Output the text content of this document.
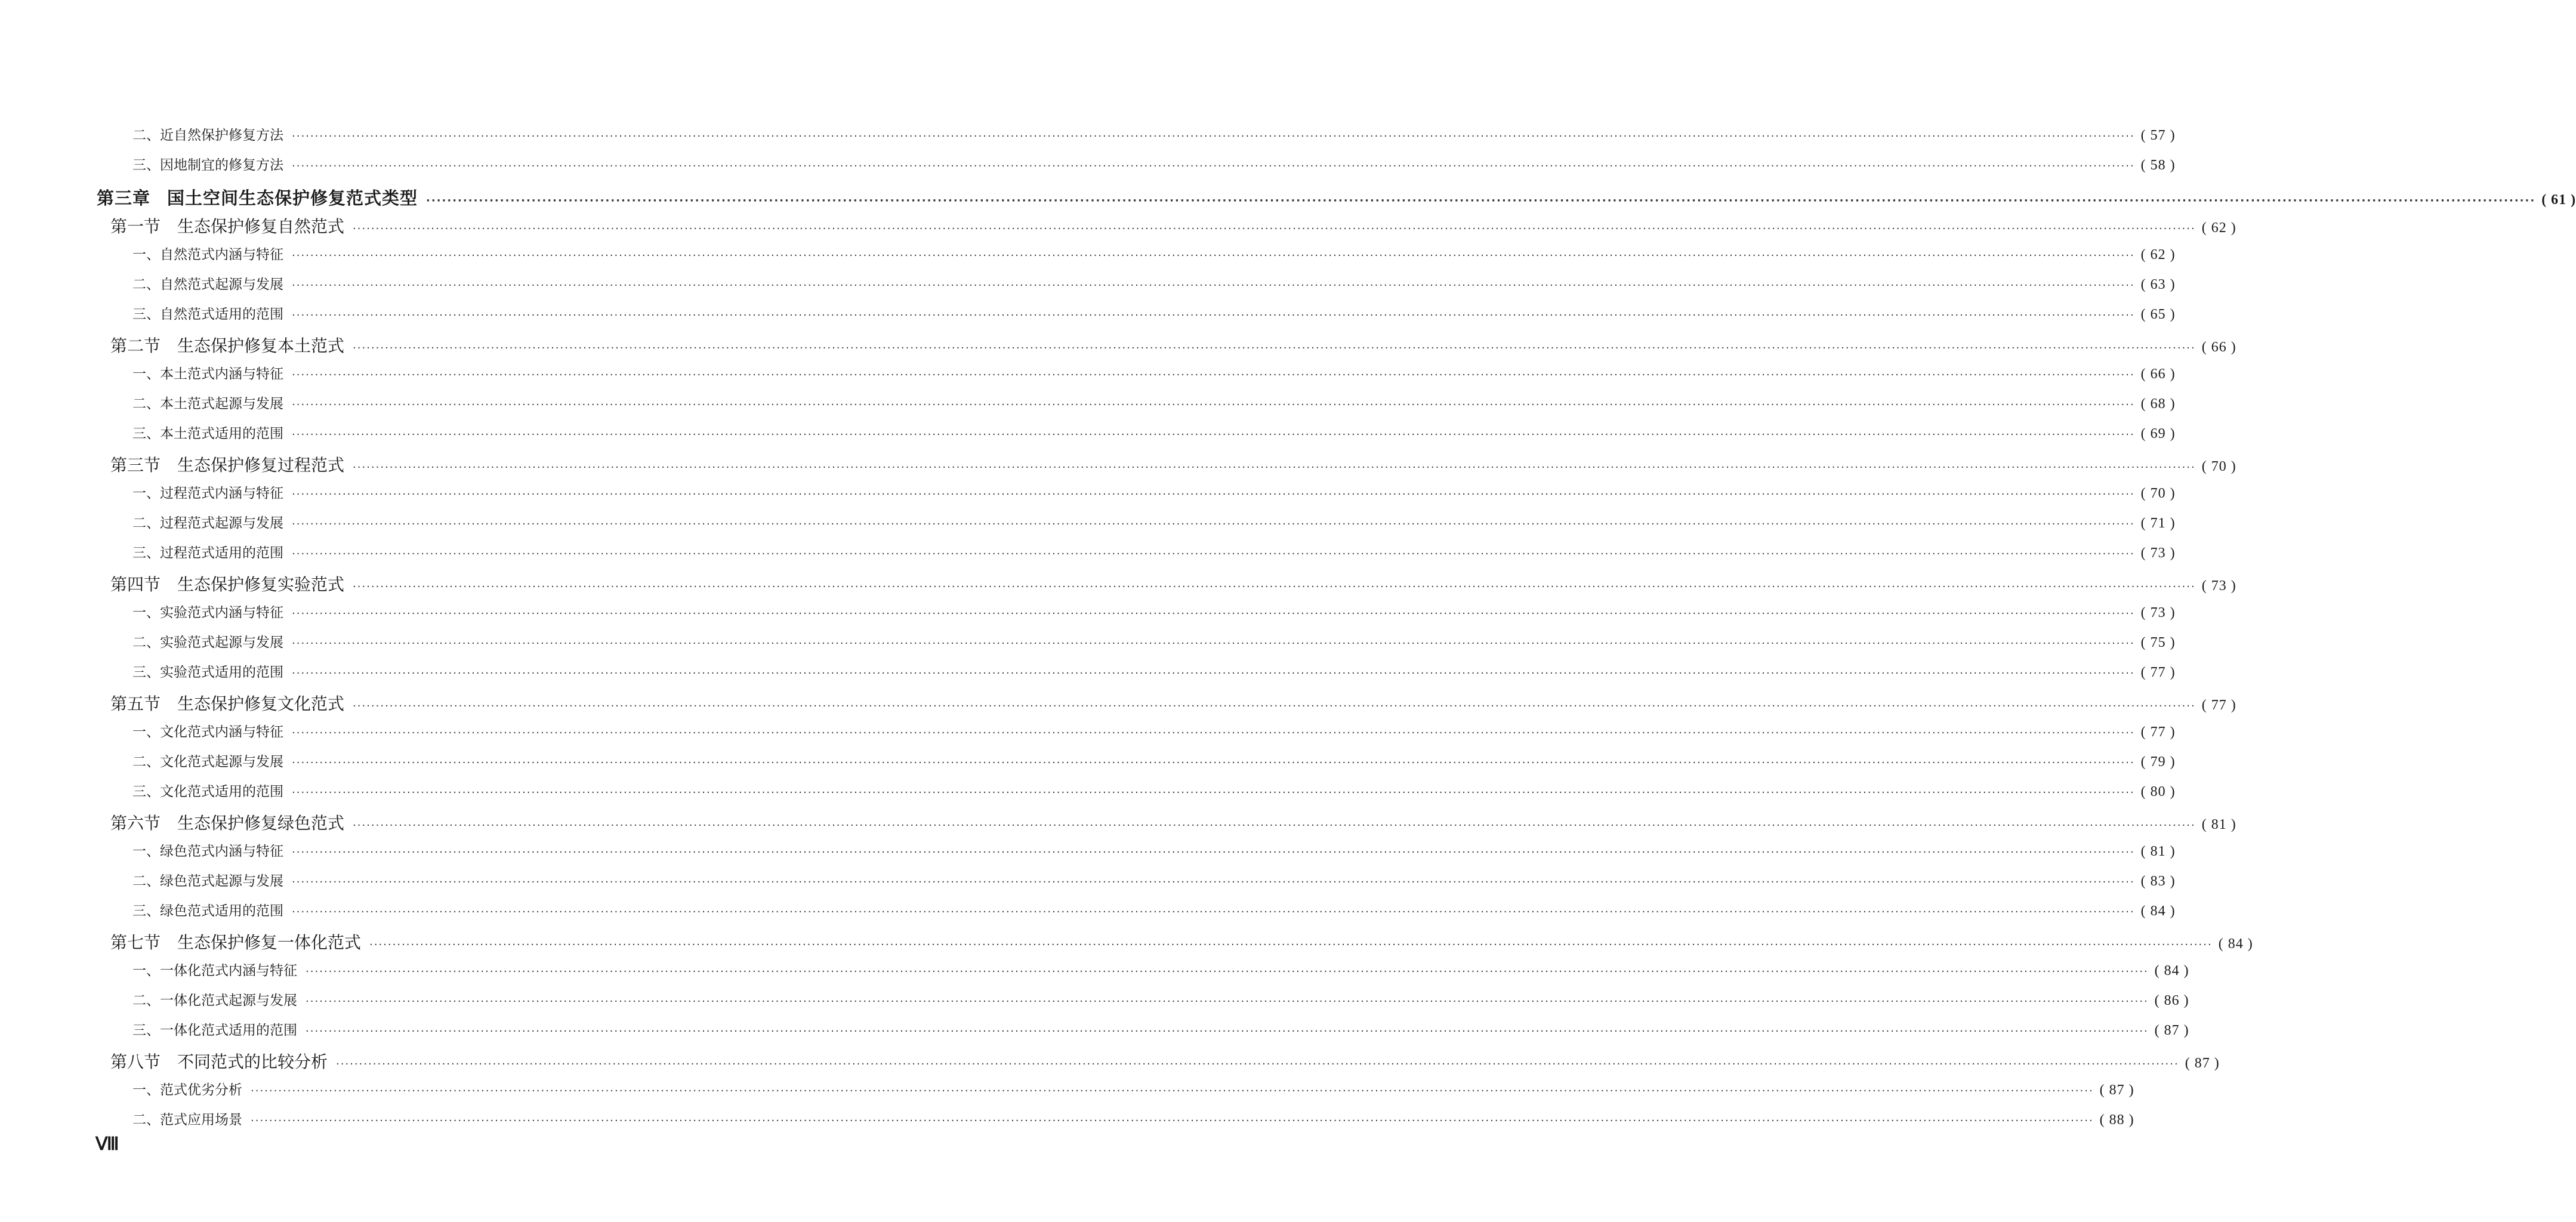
二、近自然保护修复方法 ················································································································································································································································································································································································································ ( 57 )
三、因地制宜的修复方法 ················································································································································································································································································································································································································ ( 58 )
第三章 国土空间生态保护修复范式类型 ················································································································································································································································································································································································································ ( 61 )
第一节 生态保护修复自然范式 ················································································································································································································································································································································································································ ( 62 )
一、自然范式内涵与特征 ················································································································································································································································································································································································································ ( 62 )
二、自然范式起源与发展 ················································································································································································································································································································································································································ ( 63 )
三、自然范式适用的范围 ················································································································································································································································································································································································································ ( 65 )
第二节 生态保护修复本土范式 ················································································································································································································································································································································································································ ( 66 )
一、本土范式内涵与特征 ················································································································································································································································································································································································································ ( 66 )
二、本土范式起源与发展 ················································································································································································································································································································································································································ ( 68 )
三、本土范式适用的范围 ················································································································································································································································································································································································································ ( 69 )
第三节 生态保护修复过程范式 ················································································································································································································································································································································································································ ( 70 )
一、过程范式内涵与特征 ················································································································································································································································································································································································································ ( 70 )
二、过程范式起源与发展 ················································································································································································································································································································································································································ ( 71 )
三、过程范式适用的范围 ················································································································································································································································································································································································································ ( 73 )
第四节 生态保护修复实验范式 ················································································································································································································································································································································································································ ( 73 )
一、实验范式内涵与特征 ················································································································································································································································································································································································································ ( 73 )
二、实验范式起源与发展 ················································································································································································································································································································································································································ ( 75 )
三、实验范式适用的范围 ················································································································································································································································································································································································································ ( 77 )
第五节 生态保护修复文化范式 ················································································································································································································································································································································································································ ( 77 )
一、文化范式内涵与特征 ················································································································································································································································································································································································································ ( 77 )
二、文化范式起源与发展 ················································································································································································································································································································································································································ ( 79 )
三、文化范式适用的范围 ················································································································································································································································································································································································································ ( 80 )
第六节 生态保护修复绿色范式 ················································································································································································································································································································································································································ ( 81 )
一、绿色范式内涵与特征 ················································································································································································································································································································································································································ ( 81 )
二、绿色范式起源与发展 ················································································································································································································································································································································································································ ( 83 )
三、绿色范式适用的范围 ················································································································································································································································································································································································································ ( 84 )
第七节 生态保护修复一体化范式 ················································································································································································································································································································································································································ ( 84 )
一、一体化范式内涵与特征 ················································································································································································································································································································································································································ ( 84 )
二、一体化范式起源与发展 ················································································································································································································································································································································································································ ( 86 )
三、一体化范式适用的范围 ················································································································································································································································································································································································································ ( 87 )
第八节 不同范式的比较分析 ················································································································································································································································································································································································································ ( 87 )
一、范式优劣分析 ················································································································································································································································································································································································································ ( 87 )
二、范式应用场景 ················································································································································································································································································································································································································ ( 88 )
Ⅷ
